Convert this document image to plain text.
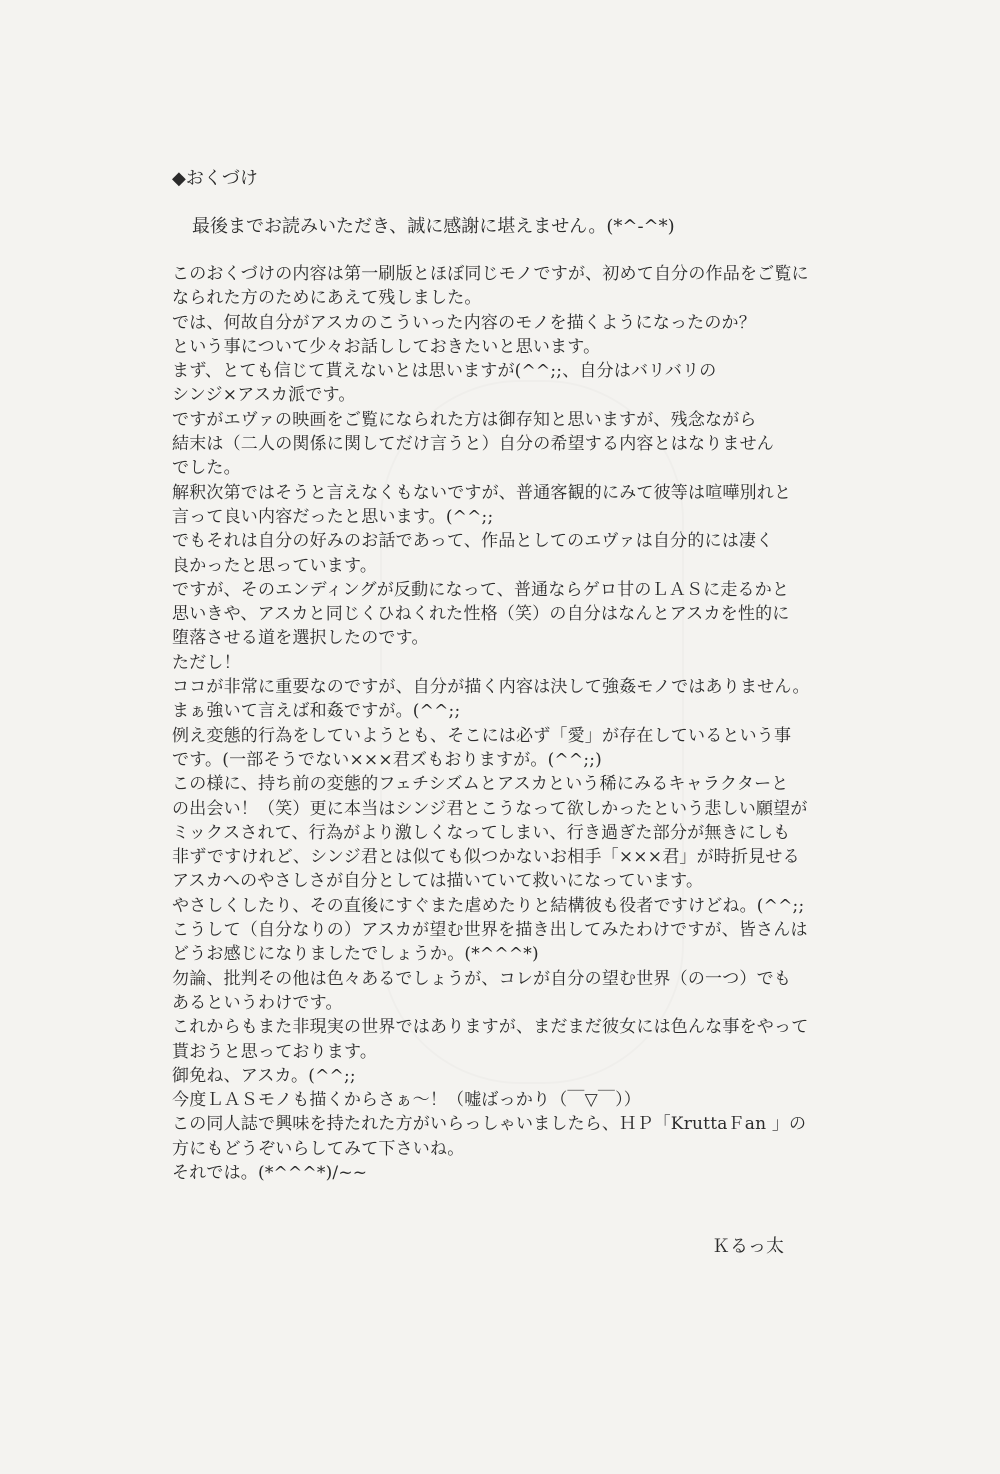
◆おくづけ
最後までお読みいただき、誠に感謝に堪えません。(*^-^*)
このおくづけの内容は第一刷版とほぼ同じモノですが、初めて自分の作品をご覧に
なられた方のためにあえて残しました。
では、何故自分がアスカのこういった内容のモノを描くようになったのか？
という事について少々お話ししておきたいと思います。
まず、とても信じて貰えないとは思いますが(^^;;、自分はバリバリの
シンジ×アスカ派です。
ですがエヴァの映画をご覧になられた方は御存知と思いますが、残念ながら
結末は（二人の関係に関してだけ言うと）自分の希望する内容とはなりません
でした。
解釈次第ではそうと言えなくもないですが、普通客観的にみて彼等は喧嘩別れと
言って良い内容だったと思います。(^^;;
でもそれは自分の好みのお話であって、作品としてのエヴァは自分的には凄く
良かったと思っています。
ですが、そのエンディングが反動になって、普通ならゲロ甘のＬＡＳに走るかと
思いきや、アスカと同じくひねくれた性格（笑）の自分はなんとアスカを性的に
堕落させる道を選択したのです。
ただし！
ココが非常に重要なのですが、自分が描く内容は決して強姦モノではありません。
まぁ強いて言えば和姦ですが。(^^;;
例え変態的行為をしていようとも、そこには必ず「愛」が存在しているという事
です。(一部そうでない×××君ズもおりますが。(^^;;)
この様に、持ち前の変態的フェチシズムとアスカという稀にみるキャラクターと
の出会い！（笑）更に本当はシンジ君とこうなって欲しかったという悲しい願望が
ミックスされて、行為がより激しくなってしまい、行き過ぎた部分が無きにしも
非ずですけれど、シンジ君とは似ても似つかないお相手「×××君」が時折見せる
アスカへのやさしさが自分としては描いていて救いになっています。
やさしくしたり、その直後にすぐまた虐めたりと結構彼も役者ですけどね。(^^;;
こうして（自分なりの）アスカが望む世界を描き出してみたわけですが、皆さんは
どうお感じになりましたでしょうか。(*^^^*)
勿論、批判その他は色々あるでしょうが、コレが自分の望む世界（の一つ）でも
あるというわけです。
これからもまた非現実の世界ではありますが、まだまだ彼女には色んな事をやって
貰おうと思っております。
御免ね、アスカ。(^^;;
今度ＬＡＳモノも描くからさぁ～！（嘘ばっかり（￣▽￣））
この同人誌で興味を持たれた方がいらっしゃいましたら、ＨＰ「KruttaＦan 」の
方にもどうぞいらしてみて下さいね。
それでは。(*^^^*)/~~
Ｋるっ太
